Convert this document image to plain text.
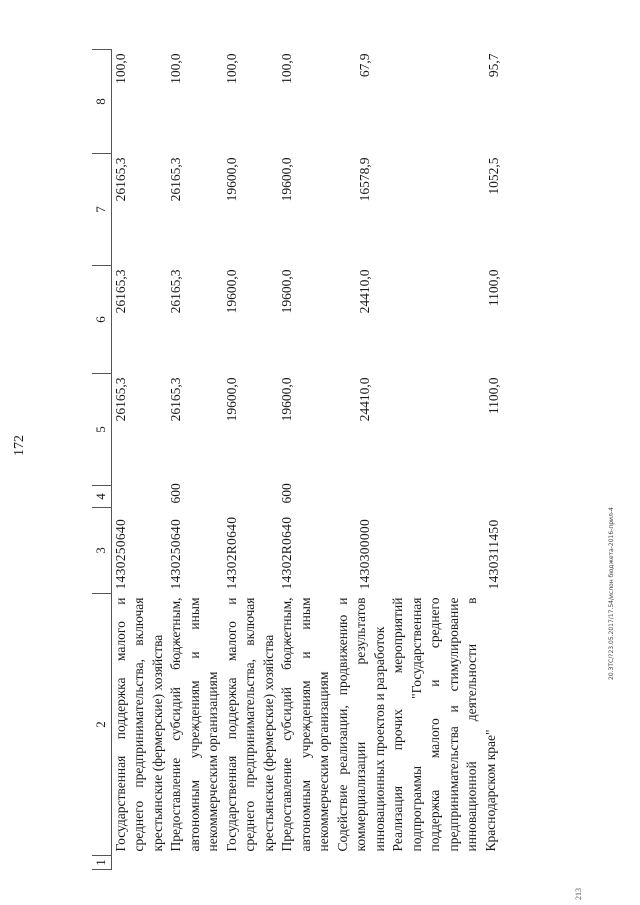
172
1	2	3	4	5	6	7	8
	Государственная поддержка малого и среднего предпринимательства, включая крестьянские (фермерские) хозяйства	1430250640		26165,3	26165,3	26165,3	100,0
	Предоставление субсидий бюджетным, автономным учреждениям и иным некоммерческим организациям	1430250640	600	26165,3	26165,3	26165,3	100,0
	Государственная поддержка малого и среднего предпринимательства, включая крестьянские (фермерские) хозяйства	14302R0640		19600,0	19600,0	19600,0	100,0
	Предоставление субсидий бюджетным, автономным учреждениям и иным некоммерческим организациям	14302R0640	600	19600,0	19600,0	19600,0	100,0
	Содействие реализации, продвижению и коммерциализации результатов инновационных проектов и разработок	1430300000		24410,0	24410,0	16578,9	67,9
	Реализация прочих мероприятий подпрограммы "Государственная поддержка малого и среднего предпринимательства и стимулирование инновационной деятельности в Краснодарском крае"	1430311450		1100,0	1100,0	1052,5	95,7
20.ЗТС/?23.05.2017/17.54/ислон бюджета-2016-прил-4
213
